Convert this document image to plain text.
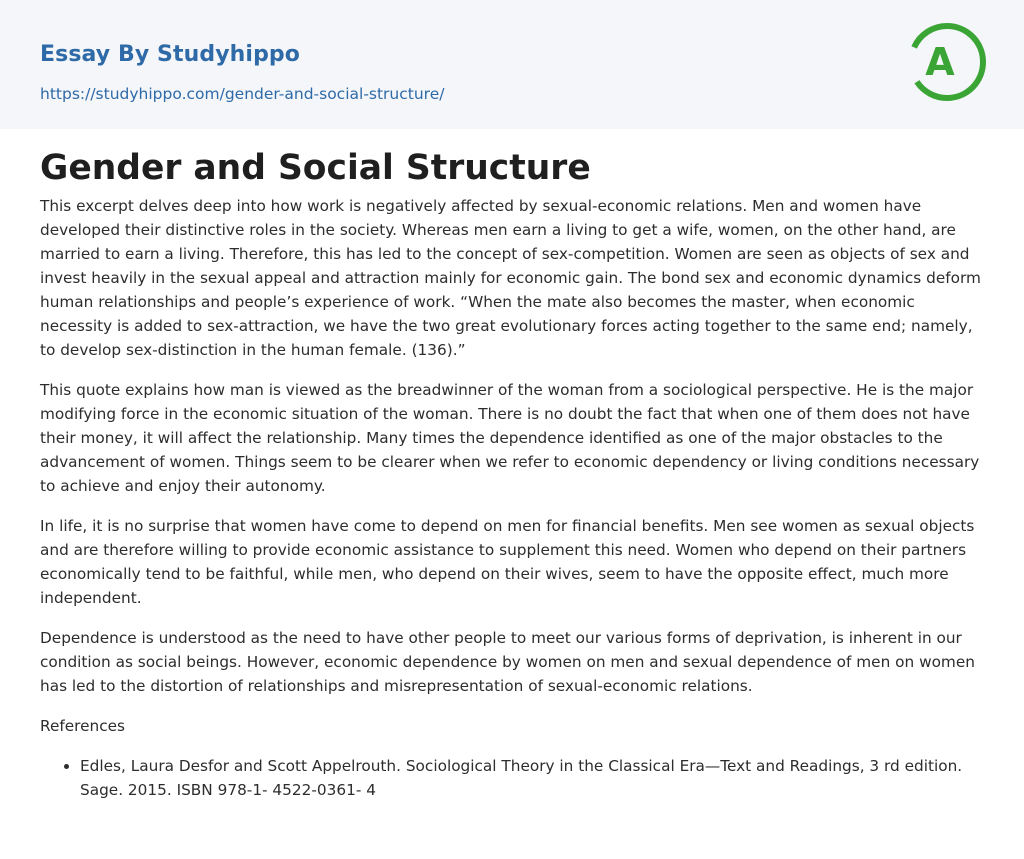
Essay By Studyhippo
https://studyhippo.com/gender-and-social-structure/
A
Gender and Social Structure

This excerpt delves deep into how work is negatively affected by sexual-economic relations. Men and women have developed their distinctive roles in the society. Whereas men earn a living to get a wife, women, on the other hand, are married to earn a living. Therefore, this has led to the concept of sex-competition. Women are seen as objects of sex and invest heavily in the sexual appeal and attraction mainly for economic gain. The bond sex and economic dynamics deform human relationships and people’s experience of work. “When the mate also becomes the master, when economic necessity is added to sex-attraction, we have the two great evolutionary forces acting together to the same end; namely, to develop sex-distinction in the human female. (136).”

This quote explains how man is viewed as the breadwinner of the woman from a sociological perspective. He is the major modifying force in the economic situation of the woman. There is no doubt the fact that when one of them does not have their money, it will affect the relationship. Many times the dependence identified as one of the major obstacles to the advancement of women. Things seem to be clearer when we refer to economic dependency or living conditions necessary to achieve and enjoy their autonomy.

In life, it is no surprise that women have come to depend on men for financial benefits. Men see women as sexual objects and are therefore willing to provide economic assistance to supplement this need. Women who depend on their partners economically tend to be faithful, while men, who depend on their wives, seem to have the opposite effect, much more independent.

Dependence is understood as the need to have other people to meet our various forms of deprivation, is inherent in our condition as social beings. However, economic dependence by women on men and sexual dependence of men on women has led to the distortion of relationships and misrepresentation of sexual-economic relations.

References

• Edles, Laura Desfor and Scott Appelrouth. Sociological Theory in the Classical Era—Text and Readings, 3 rd edition. Sage. 2015. ISBN 978-1- 4522-0361- 4
